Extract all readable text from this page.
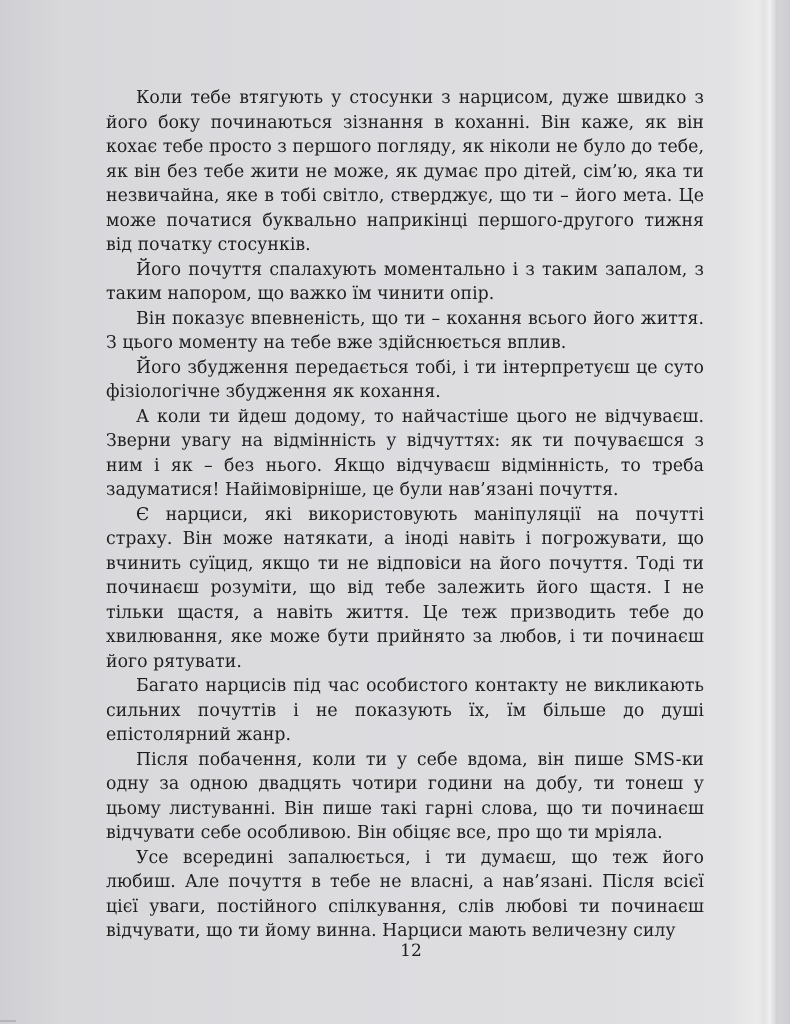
Коли тебе втягують у стосунки з нарцисом, дуже швидко з його боку починаються зізнання в коханні. Він каже, як він кохає тебе просто з першого погляду, як ніколи не було до тебе, як він без тебе жити не може, як думає про дітей, сім’ю, яка ти незвичайна, яке в тобі світло, стверджує, що ти – його мета. Це може початися буквально наприкінці першого-другого тижня від початку стосунків.

Його почуття спалахують моментально і з таким запалом, з таким напором, що важко їм чинити опір.

Він показує впевненість, що ти – кохання всього його життя. З цього моменту на тебе вже здійснюється вплив.

Його збудження передається тобі, і ти інтерпретуєш це суто фізіологічне збудження як кохання.

А коли ти йдеш додому, то найчастіше цього не відчуваєш. Зверни увагу на відмінність у відчуттях: як ти почуваєшся з ним і як – без нього. Якщо відчуваєш відмінність, то треба задуматися! Найімовірніше, це були нав’язані почуття.

Є нарциси, які використовують маніпуляції на почутті страху. Він може натякати, а іноді навіть і погрожувати, що вчинить суїцид, якщо ти не відповіси на його почуття. Тоді ти починаєш розуміти, що від тебе залежить його щастя. І не тільки щастя, а навіть життя. Це теж призводить тебе до хвилювання, яке може бути прийнято за любов, і ти починаєш його рятувати.

Багато нарцисів під час особистого контакту не викликають сильних почуттів і не показують їх, їм більше до душі епістолярний жанр.

Після побачення, коли ти у себе вдома, він пише SMS-ки одну за одною двадцять чотири години на добу, ти тонеш у цьому листуванні. Він пише такі гарні слова, що ти починаєш відчувати себе особливою. Він обіцяє все, про що ти мріяла.

Усе всередині запалюється, і ти думаєш, що теж його любиш. Але почуття в тебе не власні, а нав’язані. Після всієї цієї уваги, постійного спілкування, слів любові ти починаєш відчувати, що ти йому винна. Нарциси мають величезну силу

12
